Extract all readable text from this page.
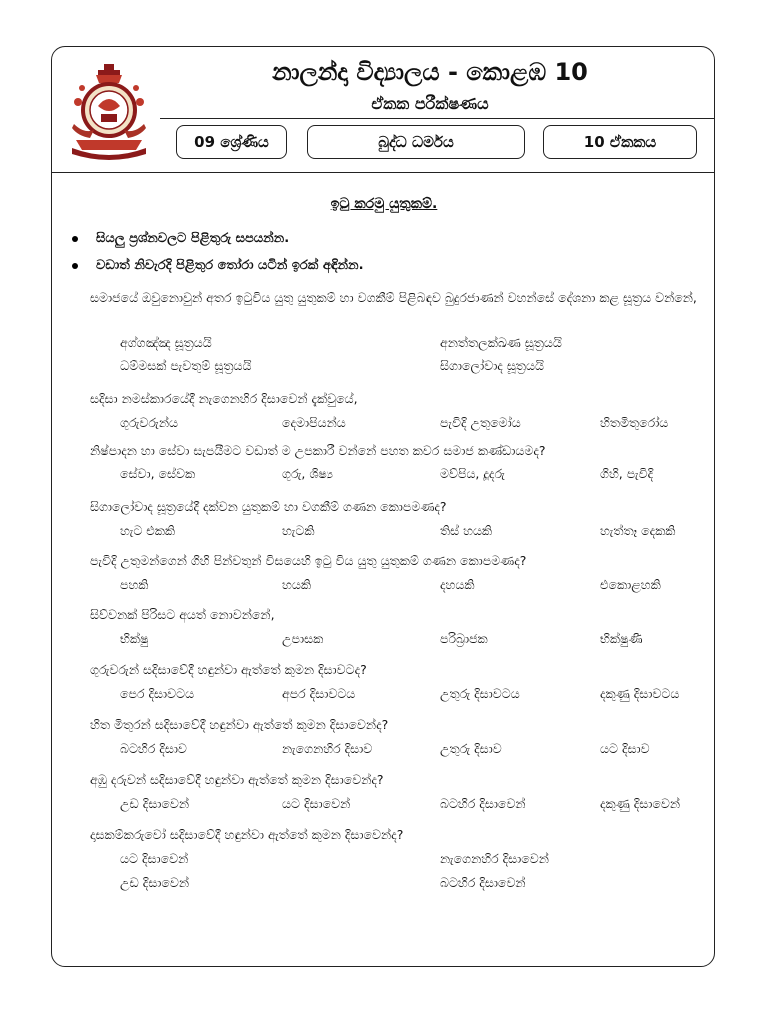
නාලන්දා විද්‍යාලය - කොළඹ 10
ඒකක පරීක්ෂණය
09 ශ්‍රේණිය	බුද්ධ ධර්මය	10 ඒකකය
ඉටු කරමු යුතුකම්.
සියලු ප්‍රශ්නවලට පිළිතුරු සපයන්න.
වඩාත් නිවැරදි පිළිතුර තෝරා යටින් ඉරක් අඳින්න.
සමාජයේ ඔවුනොවුන් අතර ඉටුවිය යුතු යුතුකම් හා වගකීම් පිළිබඳව බුදුරජාණන් වහන්සේ දේශනා කළ සූත්‍රය වන්නේ,
අග්ගඤ්ඤ සූත්‍රයයි	අනත්තලක්ඛණ සූත්‍රයයි
ධම්මසක් පැවතුම් සූත්‍රයයි	සිගාලෝවාද සූත්‍රයයි
සදිසා නමස්කාරයේදී නැගෙනහිර දිසාවෙන් දැක්වුයේ,
ගුරුවරුන්ය	දෙමාපියන්ය	පැවිදි උතුමෝය	හිතමිතුරෝය
නිෂ්පාදන හා සේවා සැපයීමට වඩාත් ම උපකාරී වන්නේ පහත කවර සමාජ කණ්ඩායමද?
සේවා, සේවක	ගුරු, ශිෂ්‍ය	මව්පිය, දූදරු	ගිහි, පැවිදි
සිගාලෝවාද සූත්‍රයේදී දක්වන යුතුකම් හා වගකීම් ගණන කොපමණද?
හැට එකකි	හැටකි	තිස් හයකි	හැත්තෑ දෙකකි
පැවිදි උතුමන්ගෙන් ගිහි පින්වතුන් විසයෙහි ඉටු විය යුතු යුතුකම් ගණන කොපමණද?
පහකි	හයකි	දහයකි	එකොළහකි
සිව්වනක් පිරිසට අයත් නොවන්නේ,
භික්ෂු	උපාසක	පරිබ්‍රාජක	භික්ෂුණී
ගුරුවරුන් සදිසාවේදී හඳුන්වා ඇත්තේ කුමන දිසාවටද?
පෙර දිසාවටය	අපර දිසාවටය	උතුරු දිසාවටය	දකුණු දිසාවටය
හිත මිතුරන් සදිසාවේදී හඳුන්වා ඇත්තේ කුමන දිසාවෙන්ද?
බටහිර දිසාව	නැගෙනහිර දිසාව	උතුරු දිසාව	යට දිසාව
අඹු දරුවන් සදිසාවේදී හඳුන්වා ඇත්තේ කුමන දිසාවෙන්ද?
උඩ දිසාවෙන්	යට දිසාවෙන්	බටහිර දිසාවෙන්	දකුණු දිසාවෙන්
දාසකම්කරුවෝ සදිසාවේදී හඳුන්වා ඇත්තේ කුමන දිසාවෙන්ද?
යට දිසාවෙන්	නැගෙනහිර දිසාවෙන්
උඩ දිසාවෙන්	බටහිර දිසාවෙන්
